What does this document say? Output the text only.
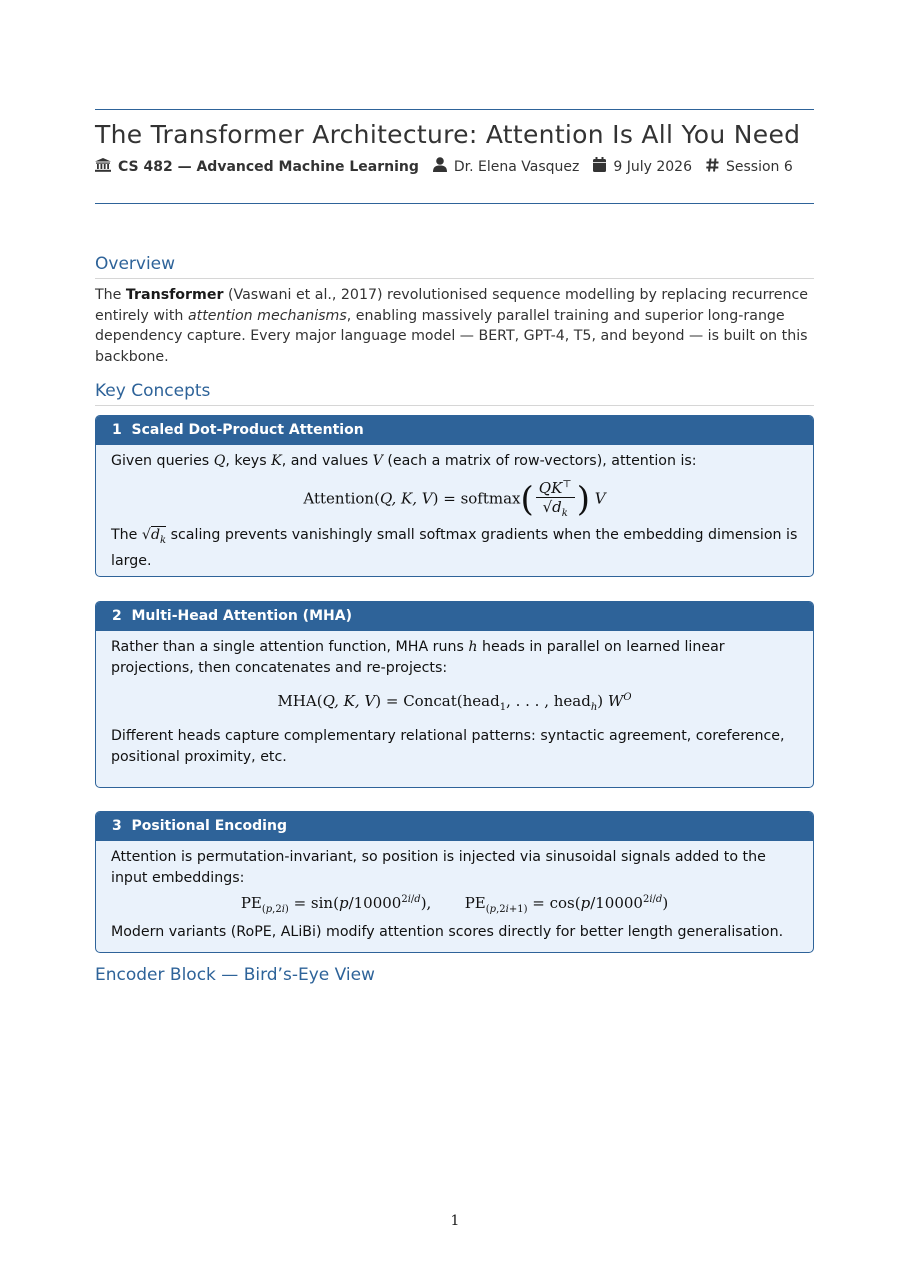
The Transformer Architecture: Attention Is All You Need
CS 482 — Advanced Machine Learning	Dr. Elena Vasquez 9 July 2026 Session 6
Overview
The Transformer (Vaswani et al., 2017) revolutionised sequence modelling by replacing recurrence entirely with attention mechanisms, enabling massively parallel training and superior long-range dependency capture. Every major language model — BERT, GPT-4, T5, and beyond — is built on this backbone.
Key Concepts
1 Scaled Dot-Product Attention
Given queries Q, keys K, and values V (each a matrix of row-vectors), attention is:
Attention(Q, K, V) = softmax( $\frac{QK^⊤}{√d_k}$ ) V
The $√d_k$ scaling prevents vanishingly small softmax gradients when the embedding dimension is large.
2 Multi-Head Attention (MHA)
Rather than a single attention function, MHA runs h heads in parallel on learned linear projections, then concatenates and re-projects:
MHA(Q, K, V) = Concat(head$_1$, . . . , head$_h$) $W^O$
Different heads capture complementary relational patterns: syntactic agreement, coreference, positional proximity, etc.
3 Positional Encoding
Attention is permutation-invariant, so position is injected via sinusoidal signals added to the input embeddings:
$PE_{(p,2i)} = \sin(p/10000^{2i/d})$, $PE_{(p,2i+1)} = \cos(p/10000^{2i/d})$
Modern variants (RoPE, ALiBi) modify attention scores directly for better length generalisation.
Encoder Block — Bird’s-Eye View
1
